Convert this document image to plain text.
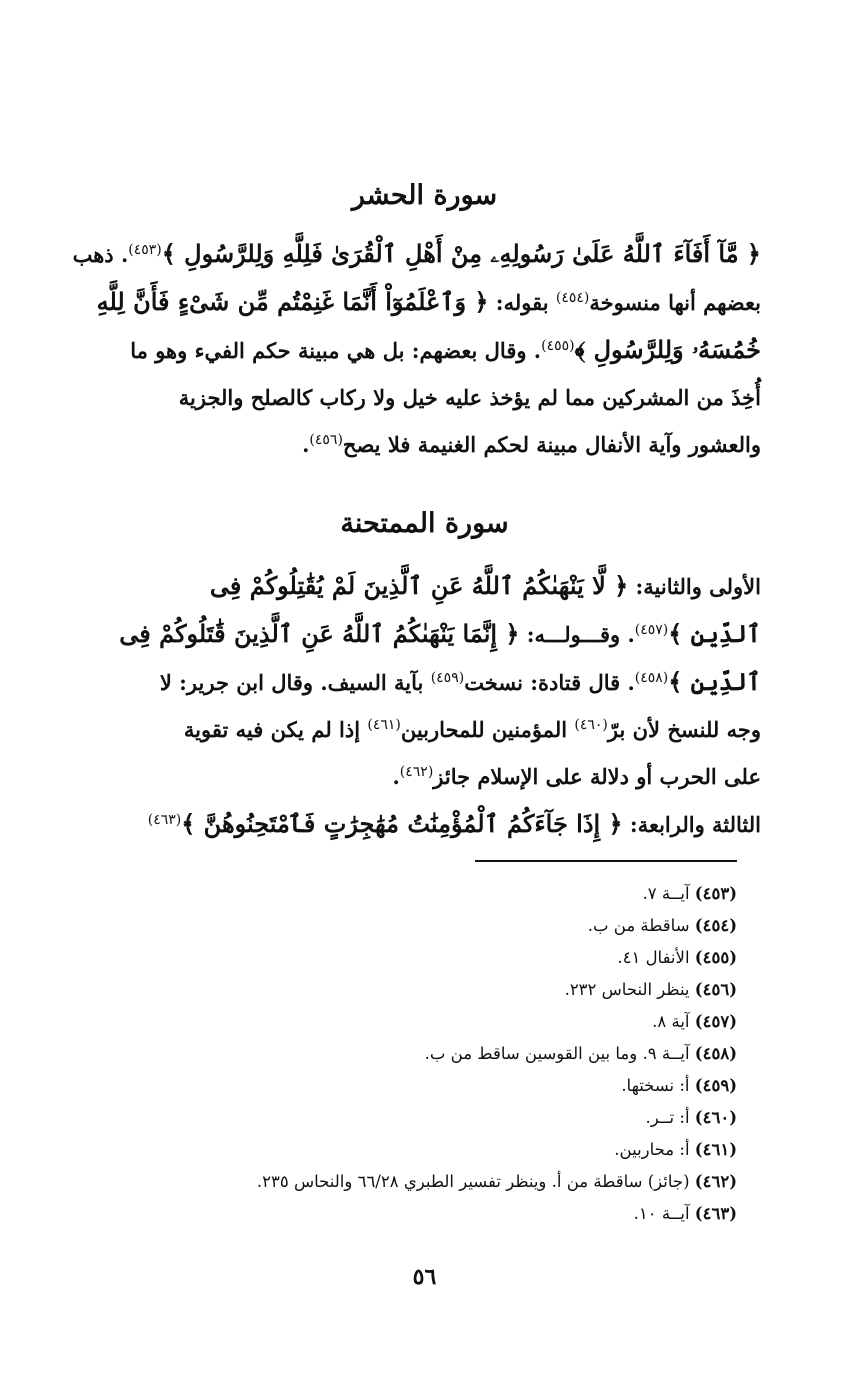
سورة الحشر
﴿ مَّآ أَفَآءَ ٱللَّهُ عَلَىٰ رَسُولِهِۦ مِنْ أَهْلِ ٱلْقُرَىٰ فَلِلَّهِ وَلِلرَّسُولِ ﴾$^{(٤٥٣)}$. ذهب
بعضهم أنها منسوخة$^{(٤٥٤)}$ بقوله: ﴿ وَٱعْلَمُوٓاْ أَنَّمَا غَنِمْتُم مِّن شَىْءٍ فَأَنَّ لِلَّهِ
خُمُسَهُۥ وَلِلرَّسُولِ ﴾$^{(٤٥٥)}$. وقال بعضهم: بل هي مبينة حكم الفيء وهو ما
أُخِذَ من المشركين مما لم يؤخذ عليه خيل ولا ركاب كالصلح والجزية
والعشور وآية الأنفال مبينة لحكم الغنيمة فلا يصح$^{(٤٥٦)}$.
سورة الممتحنة
الأولى والثانية: ﴿ لَّا يَنْهَىٰكُمُ ٱللَّهُ عَنِ ٱلَّذِينَ لَمْ يُقَٰتِلُوكُمْ فِى
ٱلدِّينِ ﴾$^{(٤٥٧)}$. وقـــولـــه: ﴿ إِنَّمَا يَنْهَىٰكُمُ ٱللَّهُ عَنِ ٱلَّذِينَ قَٰتَلُوكُمْ فِى
ٱلدِّينِ ﴾$^{(٤٥٨)}$. قال قتادة: نسخت$^{(٤٥٩)}$ بآية السيف. وقال ابن جرير: لا
وجه للنسخ لأن برّ$^{(٤٦٠)}$ المؤمنين للمحاربين$^{(٤٦١)}$ إذا لم يكن فيه تقوية
على الحرب أو دلالة على الإسلام جائز$^{(٤٦٢)}$.
الثالثة والرابعة: ﴿ إِذَا جَآءَكُمُ ٱلْمُؤْمِنَٰتُ مُهَٰجِرَٰتٍ فَٱمْتَحِنُوهُنَّ ﴾$^{(٤٦٣)}$
(٤٥٣) آيــة ٧.
(٤٥٤) ساقطة من ب.
(٤٥٥) الأنفال ٤١.
(٤٥٦) ينظر النحاس ٢٣٢.
(٤٥٧) آية ٨.
(٤٥٨) آيــة ٩. وما بين القوسين ساقط من ب.
(٤٥٩) أ: نسختها.
(٤٦٠) أ: تــر.
(٤٦١) أ: محاربين.
(٤٦٢) (جائز) ساقطة من أ. وينظر تفسير الطبري ٦٦/٢٨ والنحاس ٢٣٥.
(٤٦٣) آيــة ١٠.
٥٦
